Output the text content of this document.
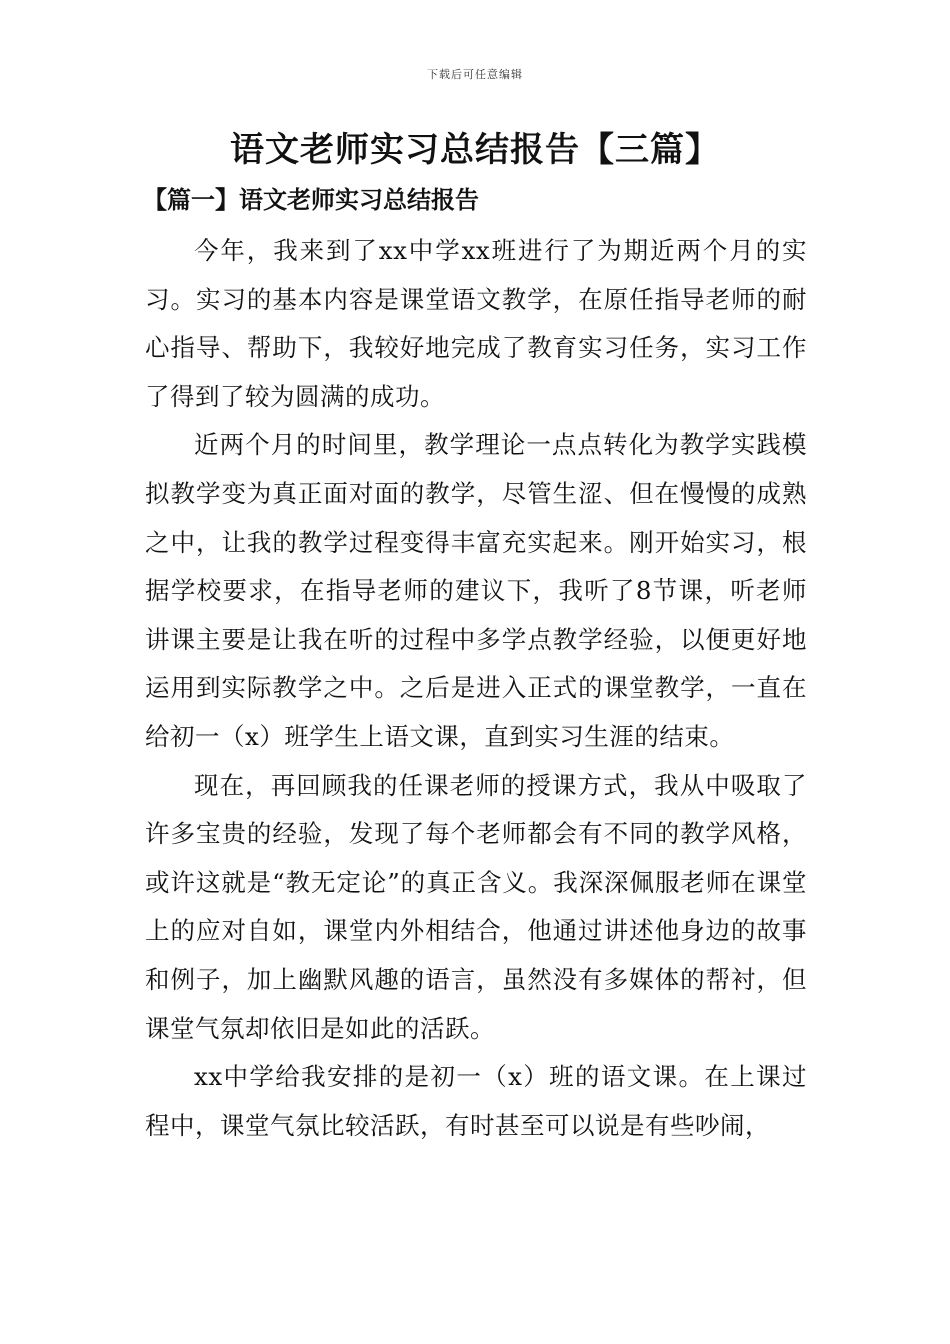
下载后可任意编辑
语文老师实习总结报告【三篇】
【篇一】语文老师实习总结报告

今年，我来到了xx中学xx班进行了为期近两个月的实习。实习的基本内容是课堂语文教学，在原任指导老师的耐心指导、帮助下，我较好地完成了教育实习任务，实习工作了得到了较为圆满的成功。

近两个月的时间里，教学理论一点点转化为教学实践模拟教学变为真正面对面的教学，尽管生涩、但在慢慢的成熟之中，让我的教学过程变得丰富充实起来。刚开始实习，根据学校要求，在指导老师的建议下，我听了8节课，听老师讲课主要是让我在听的过程中多学点教学经验，以便更好地运用到实际教学之中。之后是进入正式的课堂教学，一直在给初一（x）班学生上语文课，直到实习生涯的结束。

现在，再回顾我的任课老师的授课方式，我从中吸取了许多宝贵的经验，发现了每个老师都会有不同的教学风格，或许这就是“教无定论”的真正含义。我深深佩服老师在课堂上的应对自如，课堂内外相结合，他通过讲述他身边的故事和例子，加上幽默风趣的语言，虽然没有多媒体的帮衬，但课堂气氛却依旧是如此的活跃。

xx中学给我安排的是初一（x）班的语文课。在上课过程中，课堂气氛比较活跃，有时甚至可以说是有些吵闹，
